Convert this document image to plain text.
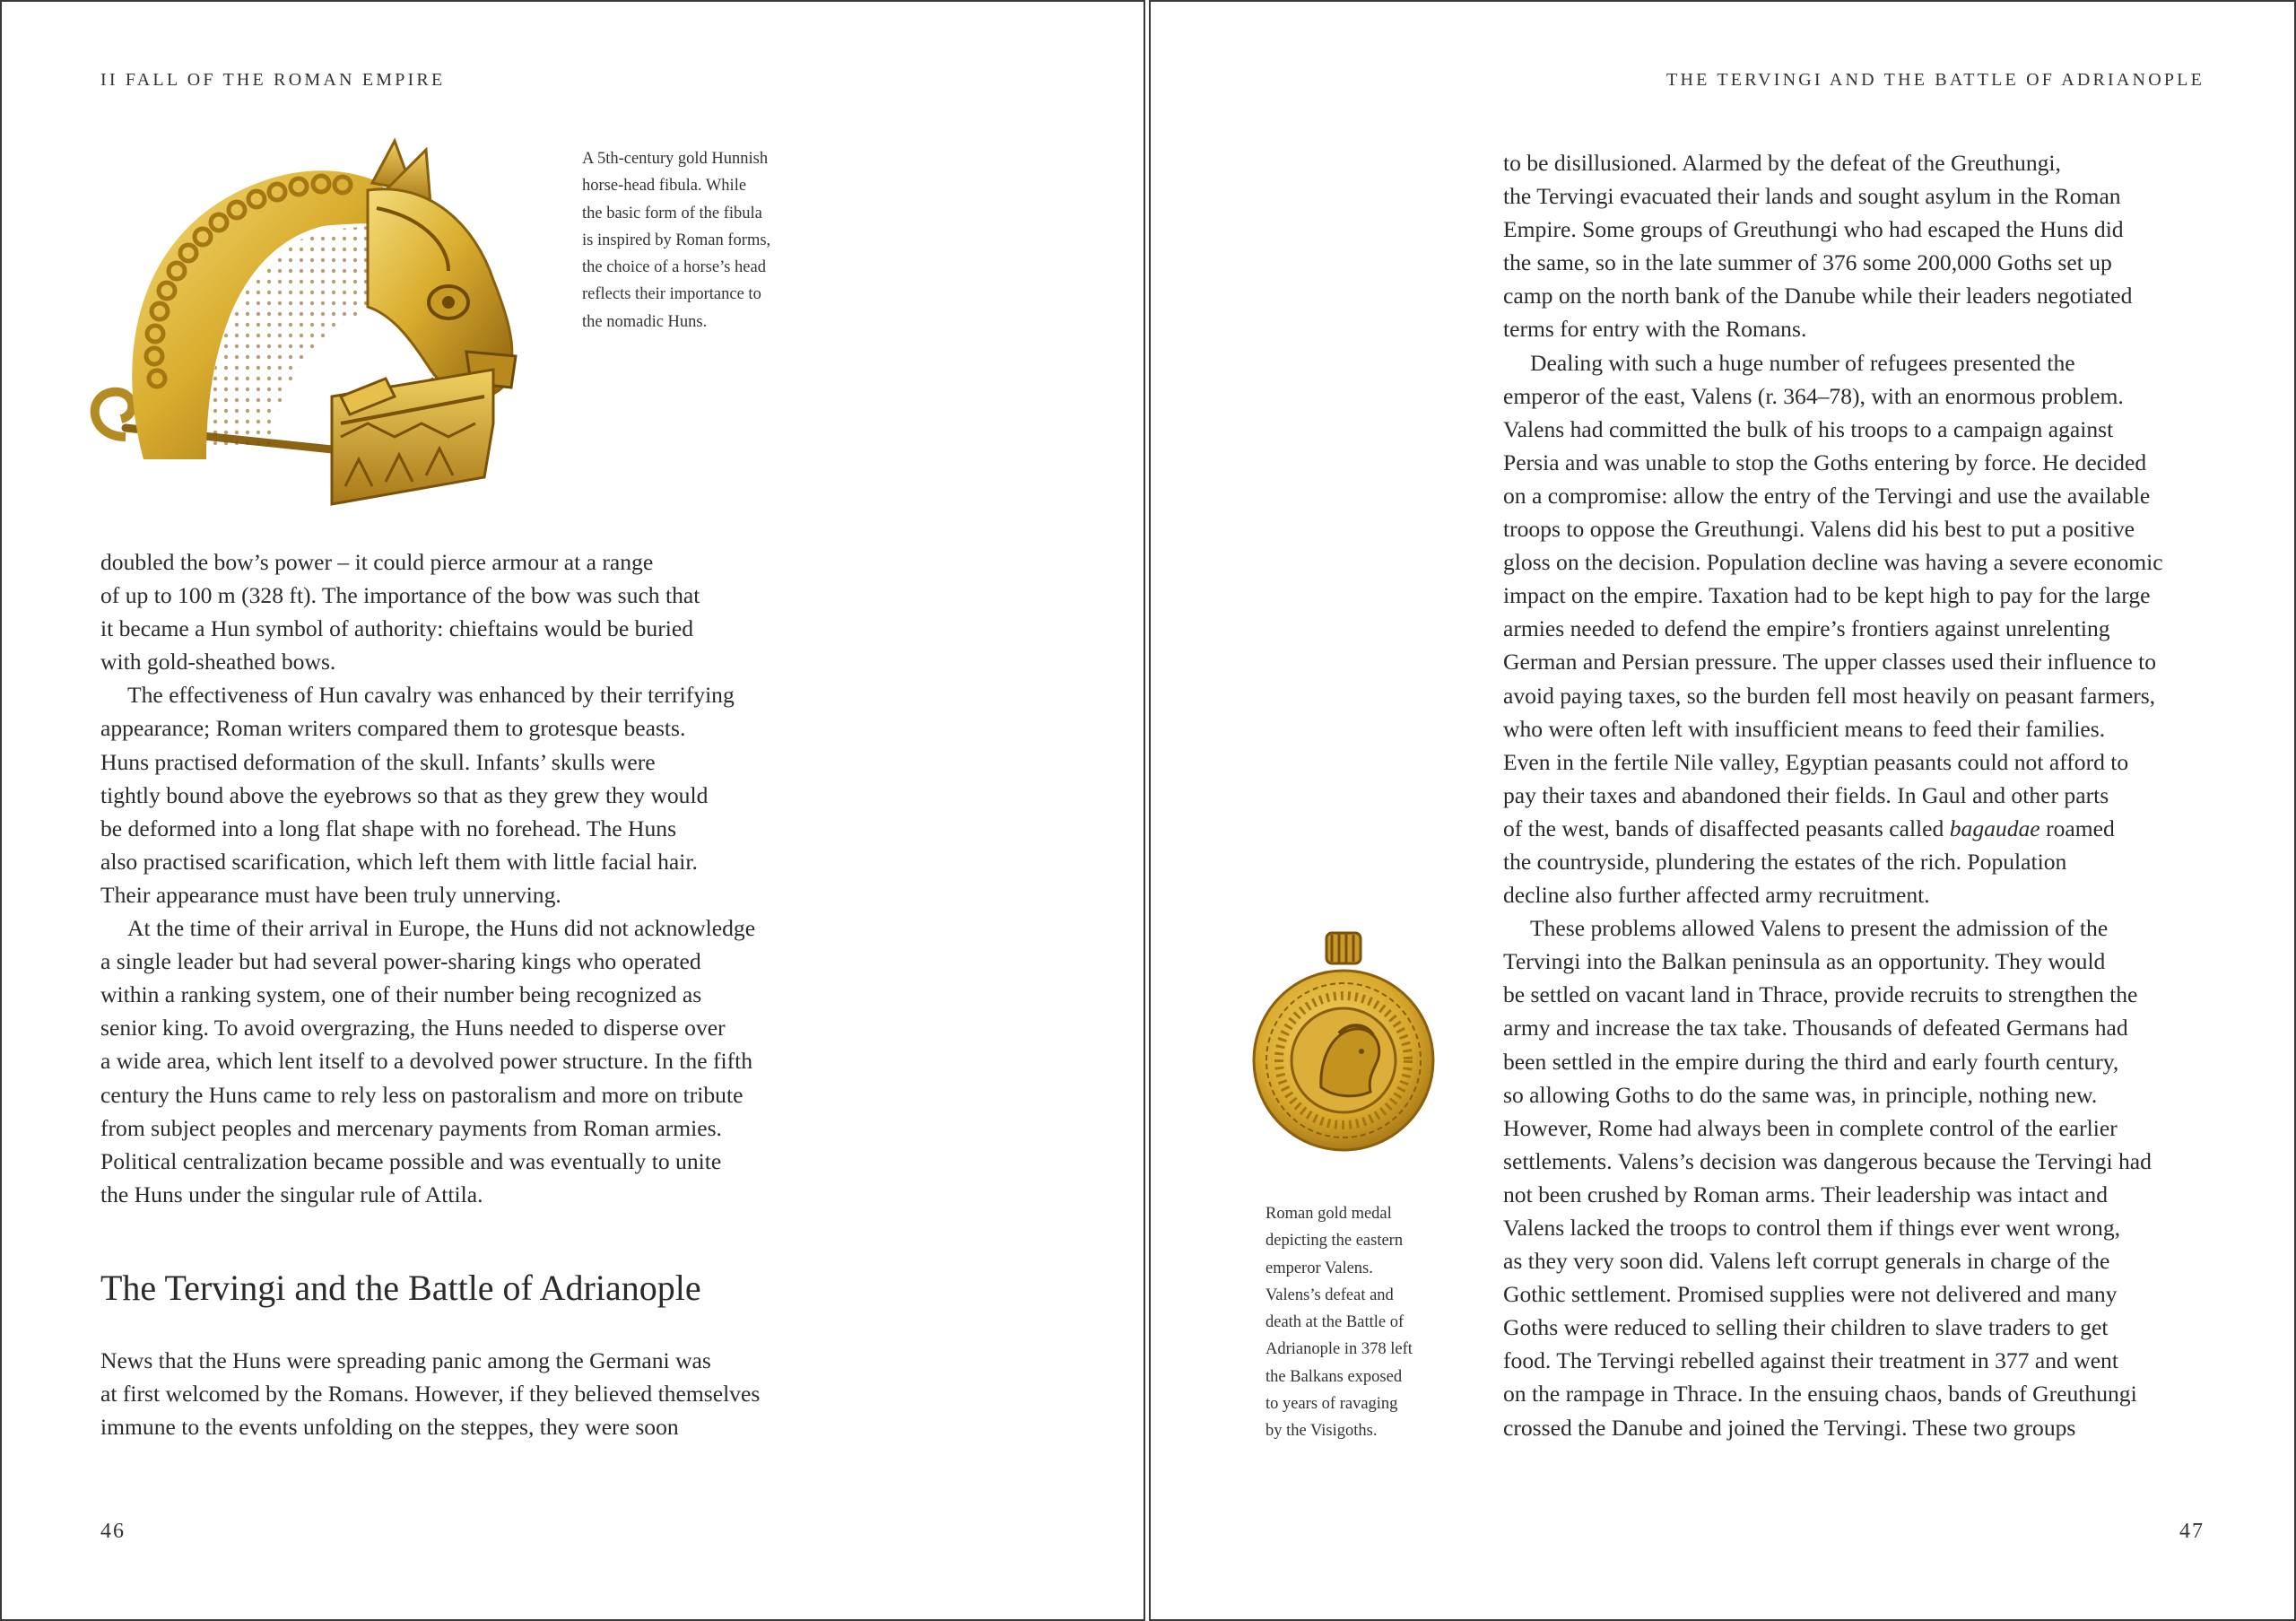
II FALL OF THE ROMAN EMPIRE
A 5th-century gold Hunnish
horse-head fibula. While
the basic form of the fibula
is inspired by Roman forms,
the choice of a horse’s head
reflects their importance to
the nomadic Huns.
doubled the bow’s power – it could pierce armour at a range
of up to 100 m (328 ft). The importance of the bow was such that
it became a Hun symbol of authority: chieftains would be buried
with gold-sheathed bows.
The effectiveness of Hun cavalry was enhanced by their terrifying
appearance; Roman writers compared them to grotesque beasts.
Huns practised deformation of the skull. Infants’ skulls were
tightly bound above the eyebrows so that as they grew they would
be deformed into a long flat shape with no forehead. The Huns
also practised scarification, which left them with little facial hair.
Their appearance must have been truly unnerving.
At the time of their arrival in Europe, the Huns did not acknowledge
a single leader but had several power-sharing kings who operated
within a ranking system, one of their number being recognized as
senior king. To avoid overgrazing, the Huns needed to disperse over
a wide area, which lent itself to a devolved power structure. In the fifth
century the Huns came to rely less on pastoralism and more on tribute
from subject peoples and mercenary payments from Roman armies.
Political centralization became possible and was eventually to unite
the Huns under the singular rule of Attila.
The Tervingi and the Battle of Adrianople
News that the Huns were spreading panic among the Germani was
at first welcomed by the Romans. However, if they believed themselves
immune to the events unfolding on the steppes, they were soon
46
THE TERVINGI AND THE BATTLE OF ADRIANOPLE
to be disillusioned. Alarmed by the defeat of the Greuthungi,
the Tervingi evacuated their lands and sought asylum in the Roman
Empire. Some groups of Greuthungi who had escaped the Huns did
the same, so in the late summer of 376 some 200,000 Goths set up
camp on the north bank of the Danube while their leaders negotiated
terms for entry with the Romans.
Dealing with such a huge number of refugees presented the
emperor of the east, Valens (r. 364–78), with an enormous problem.
Valens had committed the bulk of his troops to a campaign against
Persia and was unable to stop the Goths entering by force. He decided
on a compromise: allow the entry of the Tervingi and use the available
troops to oppose the Greuthungi. Valens did his best to put a positive
gloss on the decision. Population decline was having a severe economic
impact on the empire. Taxation had to be kept high to pay for the large
armies needed to defend the empire’s frontiers against unrelenting
German and Persian pressure. The upper classes used their influence to
avoid paying taxes, so the burden fell most heavily on peasant farmers,
who were often left with insufficient means to feed their families.
Even in the fertile Nile valley, Egyptian peasants could not afford to
pay their taxes and abandoned their fields. In Gaul and other parts
of the west, bands of disaffected peasants called bagaudae roamed
the countryside, plundering the estates of the rich. Population
decline also further affected army recruitment.
These problems allowed Valens to present the admission of the
Tervingi into the Balkan peninsula as an opportunity. They would
be settled on vacant land in Thrace, provide recruits to strengthen the
army and increase the tax take. Thousands of defeated Germans had
been settled in the empire during the third and early fourth century,
so allowing Goths to do the same was, in principle, nothing new.
However, Rome had always been in complete control of the earlier
settlements. Valens’s decision was dangerous because the Tervingi had
not been crushed by Roman arms. Their leadership was intact and
Valens lacked the troops to control them if things ever went wrong,
as they very soon did. Valens left corrupt generals in charge of the
Gothic settlement. Promised supplies were not delivered and many
Goths were reduced to selling their children to slave traders to get
food. The Tervingi rebelled against their treatment in 377 and went
on the rampage in Thrace. In the ensuing chaos, bands of Greuthungi
crossed the Danube and joined the Tervingi. These two groups
Roman gold medal
depicting the eastern
emperor Valens.
Valens’s defeat and
death at the Battle of
Adrianople in 378 left
the Balkans exposed
to years of ravaging
by the Visigoths.
47
